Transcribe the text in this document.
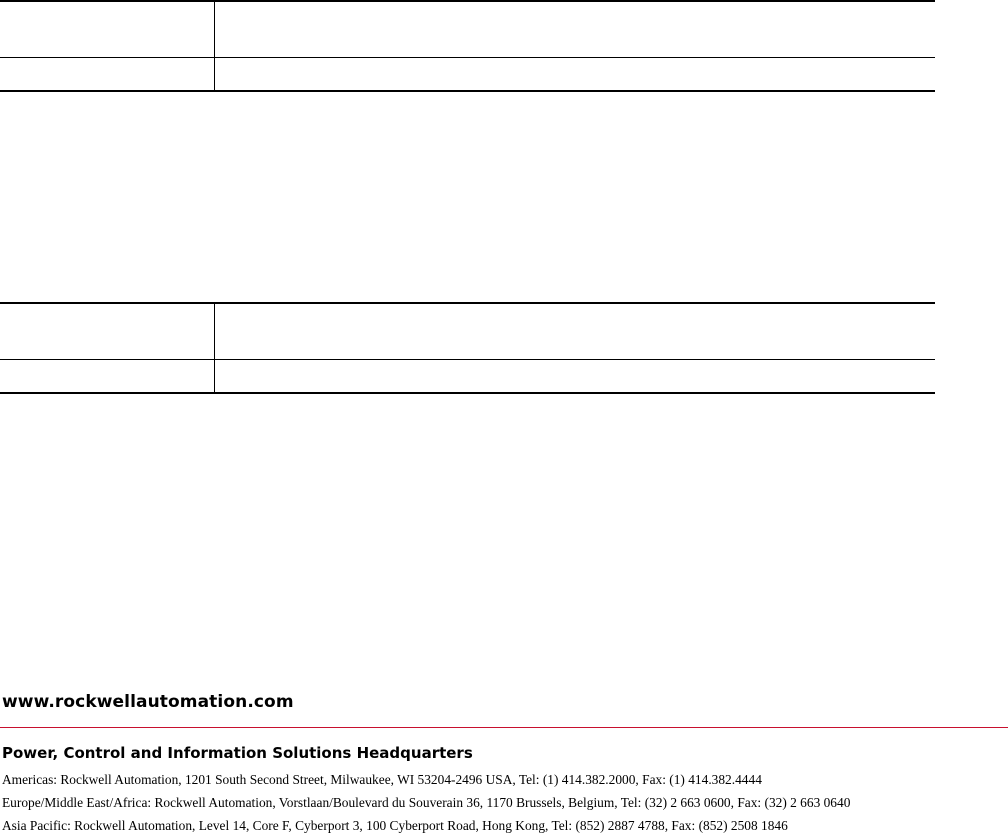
www.rockwellautomation.com
Power, Control and Information Solutions Headquarters
Americas: Rockwell Automation, 1201 South Second Street, Milwaukee, WI 53204-2496 USA, Tel: (1) 414.382.2000, Fax: (1) 414.382.4444
Europe/Middle East/Africa: Rockwell Automation, Vorstlaan/Boulevard du Souverain 36, 1170 Brussels, Belgium, Tel: (32) 2 663 0600, Fax: (32) 2 663 0640
Asia Pacific: Rockwell Automation, Level 14, Core F, Cyberport 3, 100 Cyberport Road, Hong Kong, Tel: (852) 2887 4788, Fax: (852) 2508 1846
